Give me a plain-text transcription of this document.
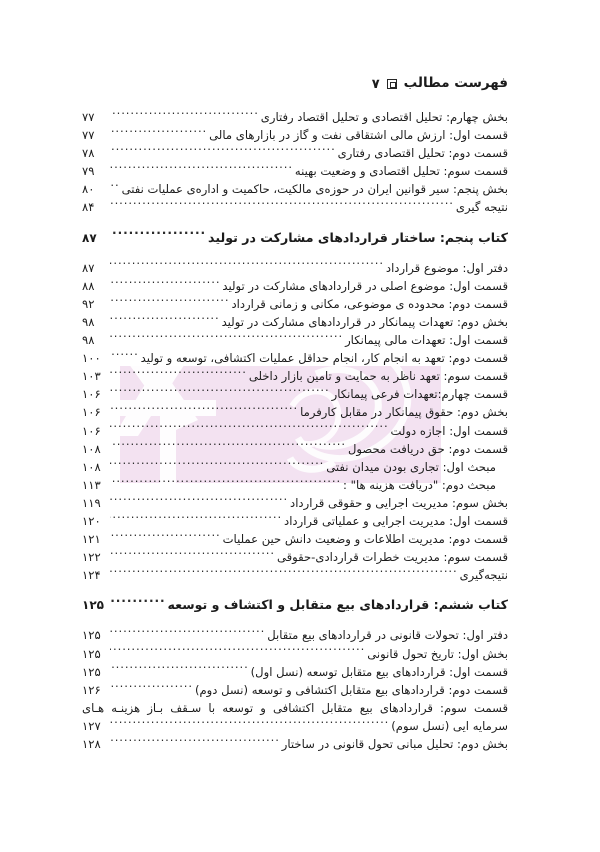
فهرست مطالب
۷
بخش چهارم: تحلیل اقتصادی و تحلیل اقتصاد رفتاری
.....
۷۷
قسمت اول: ارزش مالی اشتقاقی نفت و گاز در بازارهای مالی
.....
۷۷
قسمت دوم: تحلیل اقتصادی رفتاری
.....
۷۸
قسمت سوم: تحلیل اقتصادی و وضعیت بهینه
.....
۷۹
بخش پنجم: سیر قوانین ایران در حوزه‌ی مالکیت، حاکمیت و اداره‌ی عملیات نفتی
.....
۸۰
نتیجه گیری
.....
۸۴
کتاب پنجم: ساختار قراردادهای مشارکت در تولید
.....
۸۷
دفتر اول: موضوع قرارداد
.....
۸۷
قسمت اول: موضوع اصلی در قراردادهای مشارکت در تولید
.....
۸۸
قسمت دوم: محدوده ی موضوعی، مکانی و زمانی قرارداد
.....
۹۲
بخش دوم: تعهدات پیمانکار در قراردادهای مشارکت در تولید
.....
۹۸
قسمت اول: تعهدات مالی پیمانکار
.....
۹۸
قسمت دوم: تعهد به انجام کار، انجام حداقل عملیات اکتشافی، توسعه و تولید
.....
۱۰۰
قسمت سوم: تعهد ناظر به حمایت و تامین بازار داخلی
.....
۱۰۳
قسمت چهارم:تعهدات فرعی پیمانکار
.....
۱۰۶
بخش دوم: حقوق پیمانکار در مقابل کارفرما
.....
۱۰۶
قسمت اول: اجازه دولت
.....
۱۰۶
قسمت دوم: حق دریافت محصول
.....
۱۰۸
مبحث اول: تجاری بودن میدان نفتی
.....
۱۰۸
مبحث دوم: "دریافت هزینه ها" :
.....
۱۱۳
بخش سوم: مدیریت اجرایی و حقوقی قرارداد
.....
۱۱۹
قسمت اول: مدیریت اجرایی و عملیاتی قرارداد
.....
۱۲۰
قسمت دوم: مدیریت اطلاعات و وضعیت دانش حین عملیات
.....
۱۲۱
قسمت سوم: مدیریت خطرات قراردادی-حقوقی
.....
۱۲۲
نتیجه‌گیری
.....
۱۲۴
کتاب ششم: قراردادهای بیع متقابل و اکتشاف و توسعه
.....
۱۲۵
دفتر اول: تحولات قانونی در قراردادهای بیع متقابل
.....
۱۲۵
بخش اول: تاریخ تحول قانونی
.....
۱۲۵
قسمت اول: قراردادهای بیع متقابل توسعه (نسل اول)
.....
۱۲۵
قسمت دوم: قراردادهای بیع متقابل اکتشافی و توسعه (نسل دوم)
.....
۱۲۶
قسمت سوم: قراردادهای بیع متقابل اکتشافی و توسعه با سـقف بـاز هزینـه هـای
سرمایه ایی (نسل سوم)
.....
۱۲۷
بخش دوم: تحلیل مبانی تحول قانونی در ساختار
.....
۱۲۸
